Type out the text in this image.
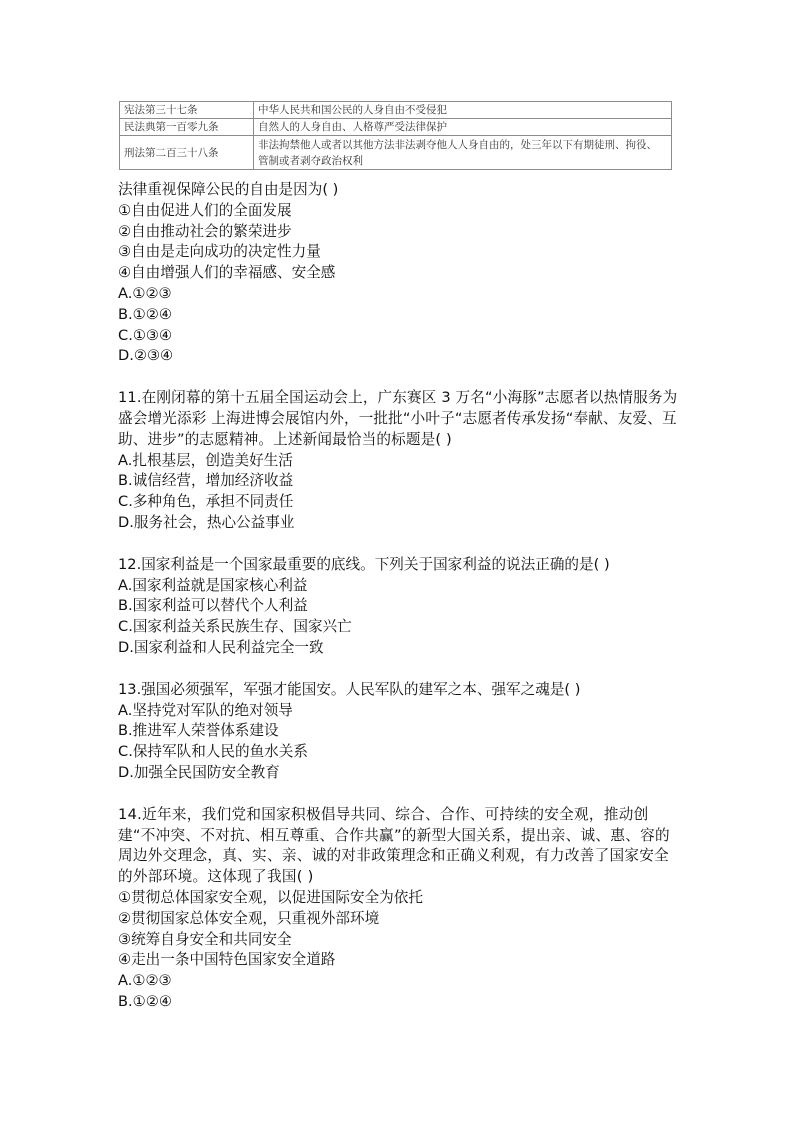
宪法第三十七条	中华人民共和国公民的人身自由不受侵犯
民法典第一百零九条	自然人的人身自由、人格尊严受法律保护
刑法第二百三十八条	非法拘禁他人或者以其他方法非法剥夺他人人身自由的，处三年以下有期徒刑、拘役、管制或者剥夺政治权利
法律重视保障公民的自由是因为( )
①自由促进人们的全面发展
②自由推动社会的繁荣进步
③自由是走向成功的决定性力量
④自由增强人们的幸福感、安全感
A.①②③
B.①②④
C.①③④
D.②③④
11.在刚闭幕的第十五届全国运动会上，广东赛区 3 万名“小海豚”志愿者以热情服务为盛会增光添彩 上海进博会展馆内外，一批批“小叶子“志愿者传承发扬“奉献、友爱、互助、进步”的志愿精神。上述新闻最恰当的标题是( )
A.扎根基层，创造美好生活
B.诚信经营，增加经济收益
C.多种角色，承担不同责任
D.服务社会，热心公益事业
12.国家利益是一个国家最重要的底线。下列关于国家利益的说法正确的是( )
A.国家利益就是国家核心利益
B.国家利益可以替代个人利益
C.国家利益关系民族生存、国家兴亡
D.国家利益和人民利益完全一致
13.强国必须强军，军强才能国安。人民军队的建军之本、强军之魂是( )
A.坚持党对军队的绝对领导
B.推进军人荣誉体系建设
C.保持军队和人民的鱼水关系
D.加强全民国防安全教育
14.近年来，我们党和国家积极倡导共同、综合、合作、可持续的安全观，推动创建“不冲突、不对抗、相互尊重、合作共赢”的新型大国关系，提出亲、诚、惠、容的周边外交理念，真、实、亲、诚的对非政策理念和正确义利观，有力改善了国家安全的外部环境。这体现了我国( )
①贯彻总体国家安全观，以促进国际安全为依托
②贯彻国家总体安全观，只重视外部环境
③统筹自身安全和共同安全
④走出一条中国特色国家安全道路
A.①②③
B.①②④
